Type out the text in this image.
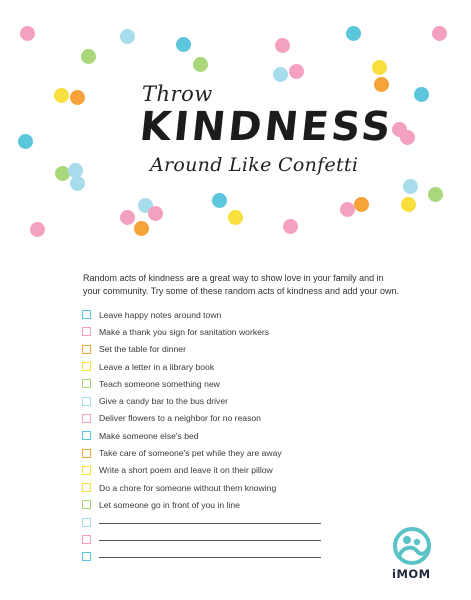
Throw
KINDNESS
Around Like Confetti

Random acts of kindness are a great way to show love in your family and in your community. Try some of these random acts of kindness and add your own.

Leave happy notes around town
Make a thank you sign for sanitation workers
Set the table for dinner
Leave a letter in a library book
Teach someone something new
Give a candy bar to the bus driver
Deliver flowers to a neighbor for no reason
Make someone else's bed
Take care of someone's pet while they are away
Write a short poem and leave it on their pillow
Do a chore for someone without them knowing
Let someone go in front of you in line
iMOM
